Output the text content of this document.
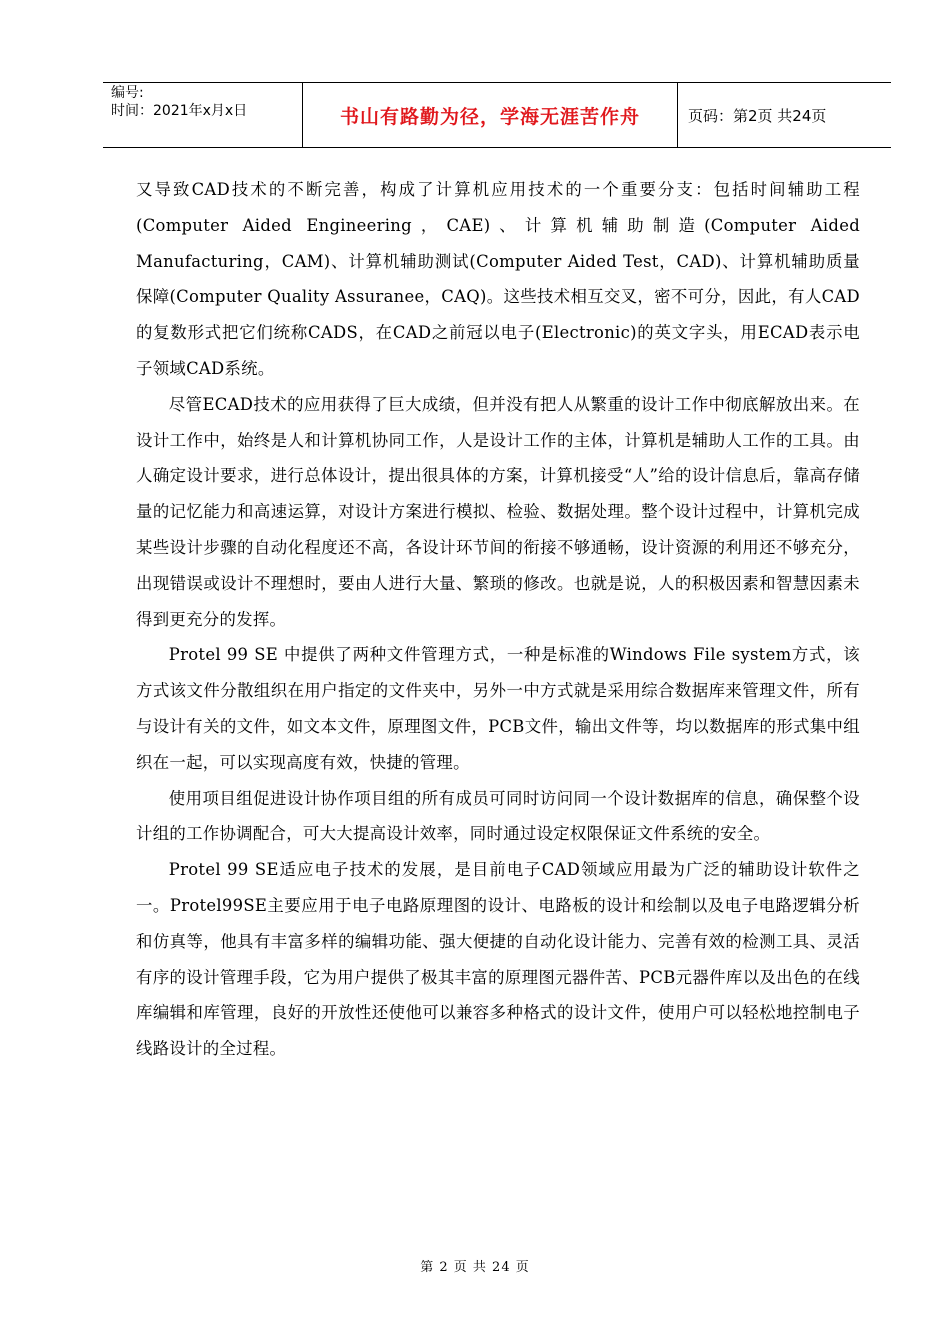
编号:
时间：2021年x月x日	书山有路勤为径，学海无涯苦作舟	页码：第2页 共24页

又导致CAD技术的不断完善，构成了计算机应用技术的一个重要分支：包括时间辅助工程(Computer Aided Engineering，CAE)、计算机辅助制造(Computer Aided Manufacturing，CAM)、计算机辅助测试(Computer Aided Test，CAD)、计算机辅助质量保障(Computer Quality Assuranee，CAQ)。这些技术相互交叉，密不可分，因此，有人CAD的复数形式把它们统称CADS，在CAD之前冠以电子(Electronic)的英文字头，用ECAD表示电子领域CAD系统。

尽管ECAD技术的应用获得了巨大成绩，但并没有把人从繁重的设计工作中彻底解放出来。在设计工作中，始终是人和计算机协同工作，人是设计工作的主体，计算机是辅助人工作的工具。由人确定设计要求，进行总体设计，提出很具体的方案，计算机接受“人”给的设计信息后，靠高存储量的记忆能力和高速运算，对设计方案进行模拟、检验、数据处理。整个设计过程中，计算机完成某些设计步骤的自动化程度还不高，各设计环节间的衔接不够通畅，设计资源的利用还不够充分，出现错误或设计不理想时，要由人进行大量、繁琐的修改。也就是说，人的积极因素和智慧因素未得到更充分的发挥。

Protel 99 SE 中提供了两种文件管理方式，一种是标准的Windows File system方式，该方式该文件分散组织在用户指定的文件夹中，另外一中方式就是采用综合数据库来管理文件，所有与设计有关的文件，如文本文件，原理图文件，PCB文件，输出文件等，均以数据库的形式集中组织在一起，可以实现高度有效，快捷的管理。

使用项目组促进设计协作项目组的所有成员可同时访问同一个设计数据库的信息，确保整个设计组的工作协调配合，可大大提高设计效率，同时通过设定权限保证文件系统的安全。

Protel 99 SE适应电子技术的发展，是目前电子CAD领域应用最为广泛的辅助设计软件之一。Protel99SE主要应用于电子电路原理图的设计、电路板的设计和绘制以及电子电路逻辑分析和仿真等，他具有丰富多样的编辑功能、强大便捷的自动化设计能力、完善有效的检测工具、灵活有序的设计管理手段，它为用户提供了极其丰富的原理图元器件苦、PCB元器件库以及出色的在线库编辑和库管理，良好的开放性还使他可以兼容多种格式的设计文件，使用户可以轻松地控制电子线路设计的全过程。

第 2 页 共 24 页
